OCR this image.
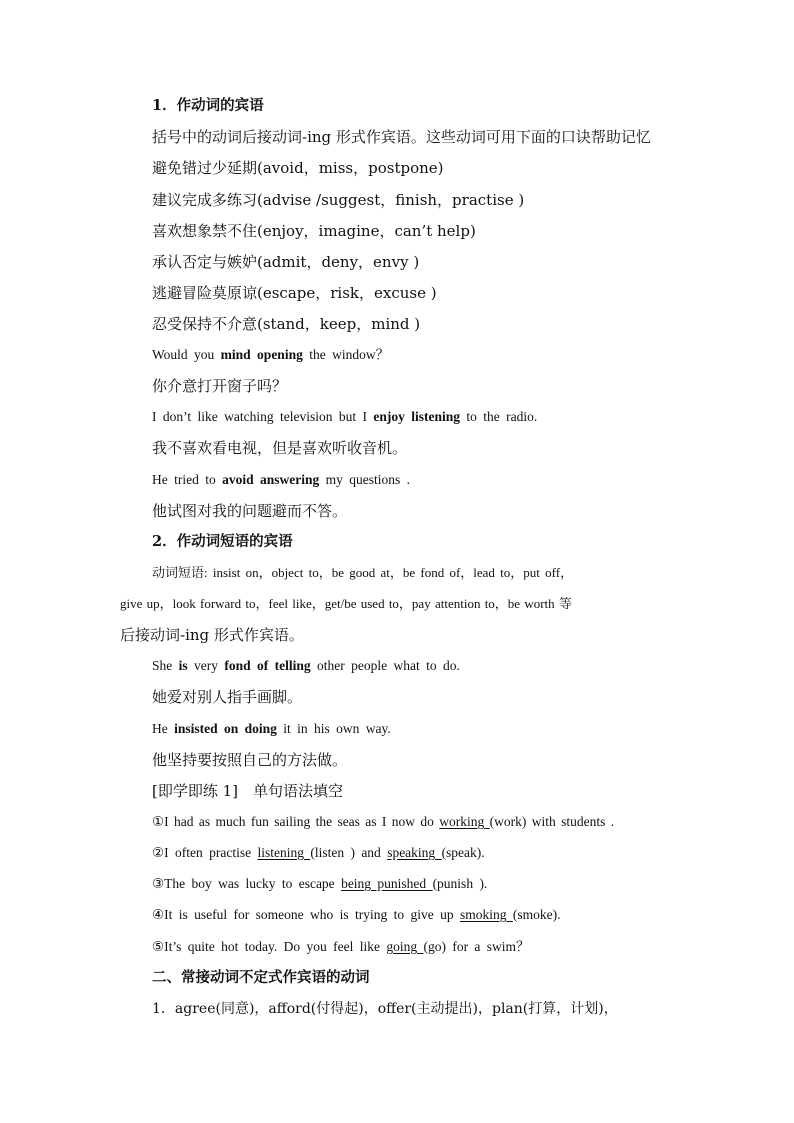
1．作动词的宾语
括号中的动词后接动词-ing 形式作宾语。这些动词可用下面的口诀帮助记忆
避免错过少延期(avoid，miss，postpone)
建议完成多练习(advise /suggest，finish，practise )
喜欢想象禁不住(enjoy，imagine，can’t help)
承认否定与嫉妒(admit，deny，envy )
逃避冒险莫原谅(escape，risk，excuse )
忍受保持不介意(stand，keep，mind )
Would you mind opening the window？
你介意打开窗子吗？
I don’t like watching television but I enjoy listening to the radio.
我不喜欢看电视，但是喜欢听收音机。
He tried to avoid answering my questions .
他试图对我的问题避而不答。
2．作动词短语的宾语
动词短语: insist on，object to，be good at，be fond of，lead to，put off，
give up，look forward to，feel like，get/be used to，pay attention to，be worth 等
后接动词-ing 形式作宾语。
She is very fond of telling other people what to do.
她爱对别人指手画脚。
He insisted on doing it in his own way.
他坚持要按照自己的方法做。
[即学即练 1]　单句语法填空
①I had as much fun sailing the seas as I now do working (work) with students .
②I often practise listening (listen ) and speaking (speak).
③The boy was lucky to escape being punished (punish ).
④It is useful for someone who is trying to give up smoking (smoke).
⑤It’s quite hot today. Do you feel like going (go) for a swim？
二、常接动词不定式作宾语的动词
1．agree(同意)，afford(付得起)，offer(主动提出)，plan(打算，计划)，
